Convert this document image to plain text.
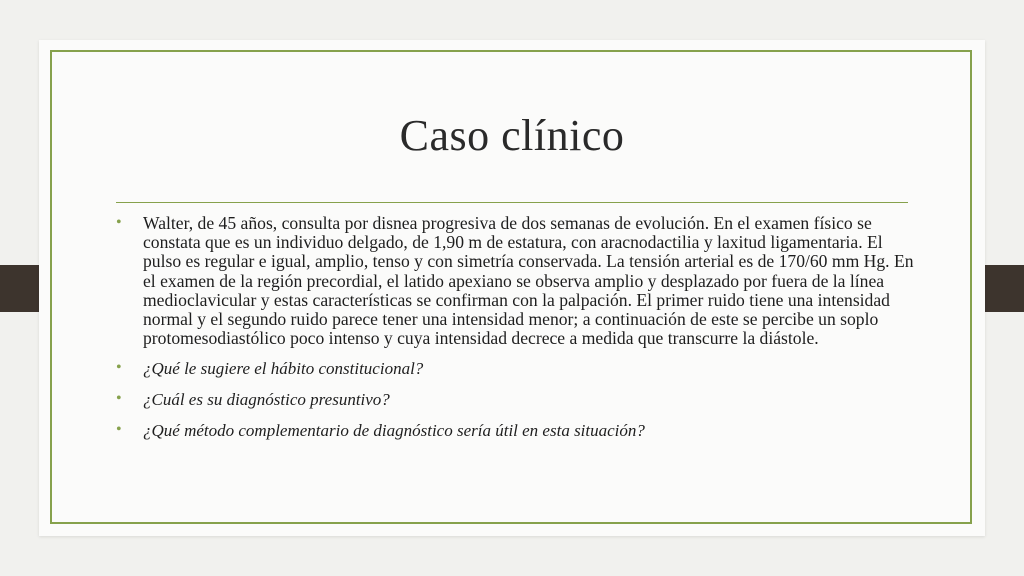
Caso clínico
• Walter, de 45 años, consulta por disnea progresiva de dos semanas de evolución. En el examen físico se constata que es un individuo delgado, de 1,90 m de estatura, con aracnodactilia y laxitud ligamentaria. El pulso es regular e igual, amplio, tenso y con simetría conservada. La tensión arterial es de 170/60 mm Hg. En el examen de la región precordial, el latido apexiano se observa amplio y desplazado por fuera de la línea medioclavicular y estas características se confirman con la palpación. El primer ruido tiene una intensidad normal y el segundo ruido parece tener una intensidad menor; a continuación de este se percibe un soplo protomesodiastólico poco intenso y cuya intensidad decrece a medida que transcurre la diástole.
• ¿Qué le sugiere el hábito constitucional?
• ¿Cuál es su diagnóstico presuntivo?
• ¿Qué método complementario de diagnóstico sería útil en esta situación?
